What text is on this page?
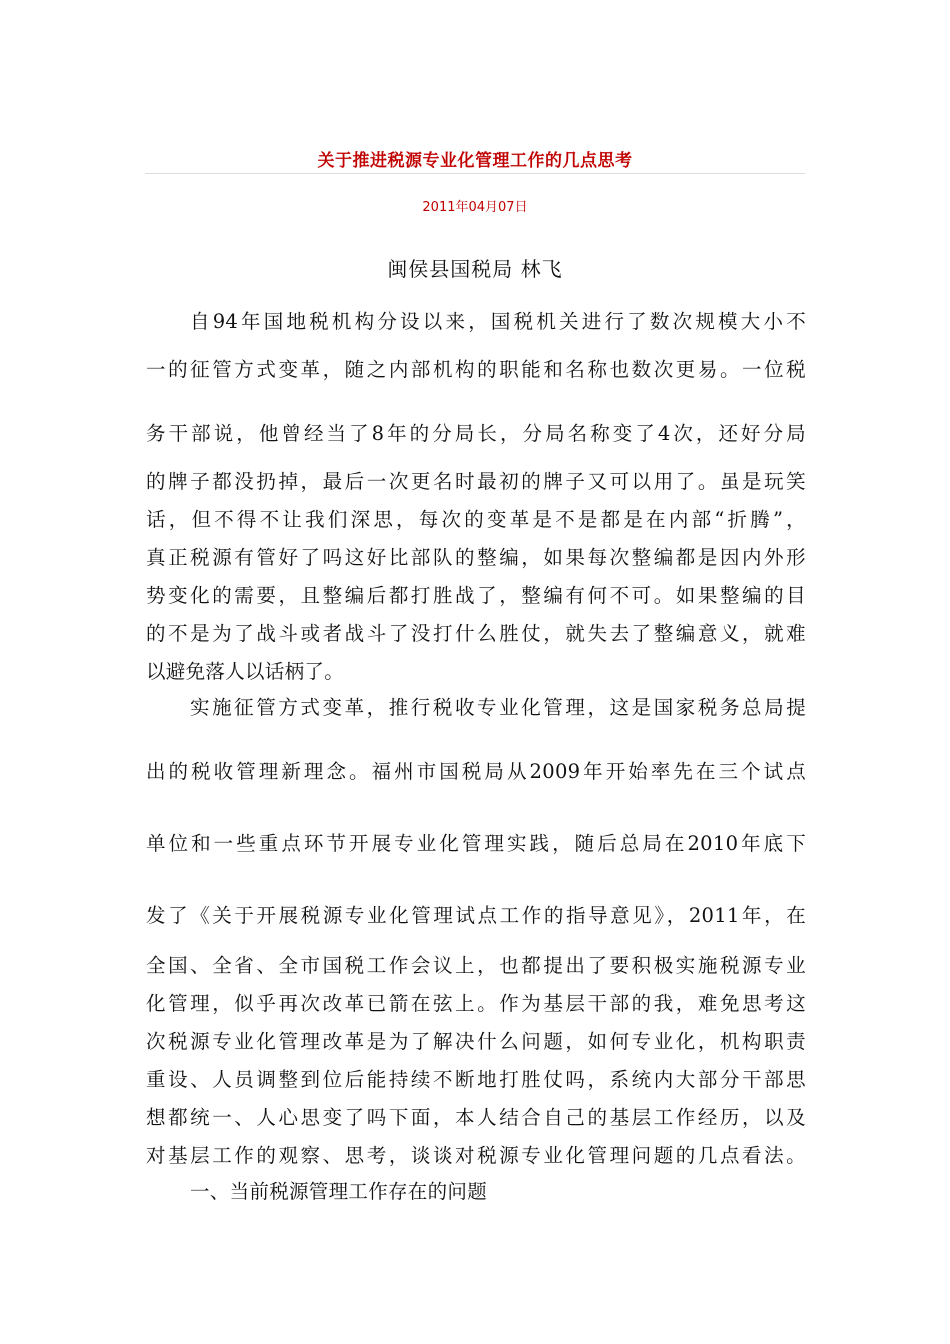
关于推进税源专业化管理工作的几点思考
2011年04月07日
闽侯县国税局 林飞

自94年国地税机构分设以来，国税机关进行了数次规模大小不

一的征管方式变革，随之内部机构的职能和名称也数次更易。一位税

务干部说，他曾经当了8年的分局长，分局名称变了4次，还好分局

的牌子都没扔掉，最后一次更名时最初的牌子又可以用了。虽是玩笑

话，但不得不让我们深思，每次的变革是不是都是在内部“折腾”，

真正税源有管好了吗这好比部队的整编，如果每次整编都是因内外形

势变化的需要，且整编后都打胜战了，整编有何不可。如果整编的目

的不是为了战斗或者战斗了没打什么胜仗，就失去了整编意义，就难

以避免落人以话柄了。

实施征管方式变革，推行税收专业化管理，这是国家税务总局提

出的税收管理新理念。福州市国税局从2009年开始率先在三个试点

单位和一些重点环节开展专业化管理实践，随后总局在2010年底下

发了《关于开展税源专业化管理试点工作的指导意见》，2011年，在

全国、全省、全市国税工作会议上，也都提出了要积极实施税源专业

化管理，似乎再次改革已箭在弦上。作为基层干部的我，难免思考这

次税源专业化管理改革是为了解决什么问题，如何专业化，机构职责

重设、人员调整到位后能持续不断地打胜仗吗，系统内大部分干部思

想都统一、人心思变了吗下面，本人结合自己的基层工作经历，以及

对基层工作的观察、思考，谈谈对税源专业化管理问题的几点看法。

一、当前税源管理工作存在的问题
